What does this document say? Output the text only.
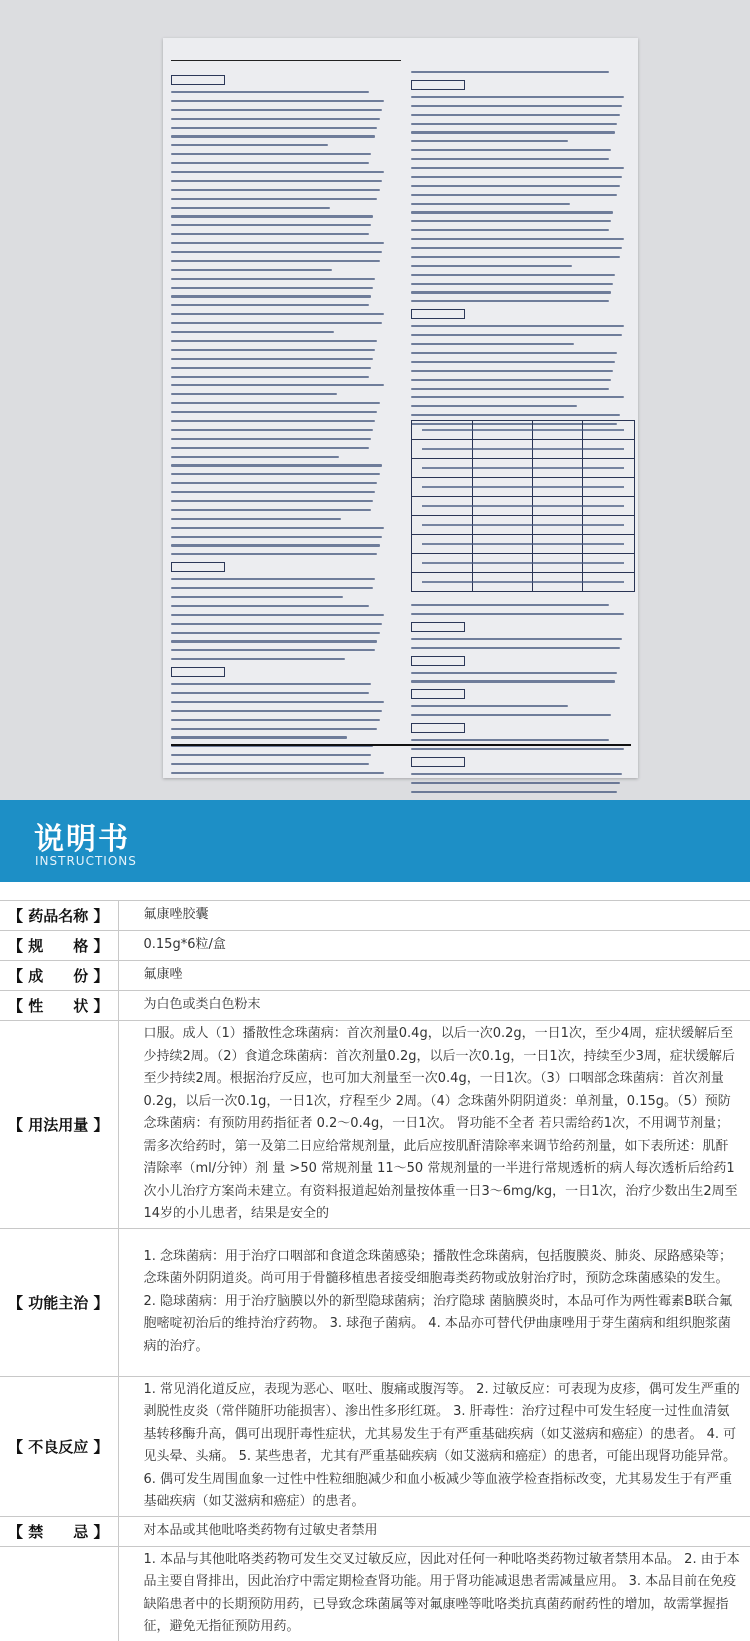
说明书
INSTRUCTIONS
【 药品名称 】	氟康唑胶囊
【 规　　格 】	0.15g*6粒/盒
【 成　　份 】	氟康唑
【 性　　状 】	为白色或类白色粉末
【 用法用量 】	口服。成人（1）播散性念珠菌病：首次剂量0.4g，以后一次0.2g，一日1次，至少4周，症状缓解后至少持续2周。（2）食道念珠菌病：首次剂量0.2g，以后一次0.1g，一日1次，持续至少3周，症状缓解后至少持续2周。根据治疗反应，也可加大剂量至一次0.4g，一日1次。（3）口咽部念珠菌病：首次剂量0.2g，以后一次0.1g，一日1次，疗程至少 2周。（4）念珠菌外阴阴道炎：单剂量，0.15g。（5）预防念珠菌病：有预防用药指征者 0.2～0.4g，一日1次。 肾功能不全者 若只需给药1次，不用调节剂量；需多次给药时，第一及第二日应给常规剂量，此后应按肌酐清除率来调节给药剂量，如下表所述：肌酐清除率（ml/分钟）剂 量 >50 常规剂量 11～50 常规剂量的一半进行常规透析的病人每次透析后给药1次小儿治疗方案尚未建立。有资料报道起始剂量按体重一日3～6mg/kg，一日1次，治疗少数出生2周至14岁的小儿患者，结果是安全的
【 功能主治 】	1. 念珠菌病：用于治疗口咽部和食道念珠菌感染；播散性念珠菌病，包括腹膜炎、肺炎、尿路感染等；念珠菌外阴阴道炎。尚可用于骨髓移植患者接受细胞毒类药物或放射治疗时，预防念珠菌感染的发生。 2. 隐球菌病：用于治疗脑膜以外的新型隐球菌病；治疗隐球 菌脑膜炎时，本品可作为两性霉素B联合氟胞嘧啶初治后的维持治疗药物。 3. 球孢子菌病。 4. 本品亦可替代伊曲康唑用于芽生菌病和组织胞浆菌病的治疗。
【 不良反应 】	1. 常见消化道反应，表现为恶心、呕吐、腹痛或腹泻等。 2. 过敏反应：可表现为皮疹，偶可发生严重的剥脱性皮炎（常伴随肝功能损害）、渗出性多形红斑。 3. 肝毒性：治疗过程中可发生轻度一过性血清氨基转移酶升高，偶可出现肝毒性症状，尤其易发生于有严重基础疾病（如艾滋病和癌症）的患者。 4. 可见头晕、头痛。 5. 某些患者，尤其有严重基础疾病（如艾滋病和癌症）的患者，可能出现肾功能异常。 6. 偶可发生周围血象一过性中性粒细胞减少和血小板减少等血液学检查指标改变，尤其易发生于有严重基础疾病（如艾滋病和癌症）的患者。
【 禁　　忌 】	对本品或其他吡咯类药物有过敏史者禁用
	1. 本品与其他吡咯类药物可发生交叉过敏反应，因此对任何一种吡咯类药物过敏者禁用本品。 2. 由于本品主要自肾排出，因此治疗中需定期检查肾功能。用于肾功能减退患者需减量应用。 3. 本品目前在免疫缺陷患者中的长期预防用药，已导致念珠菌属等对氟康唑等吡咯类抗真菌药耐药性的增加，故需掌握指征，避免无指征预防用药。
